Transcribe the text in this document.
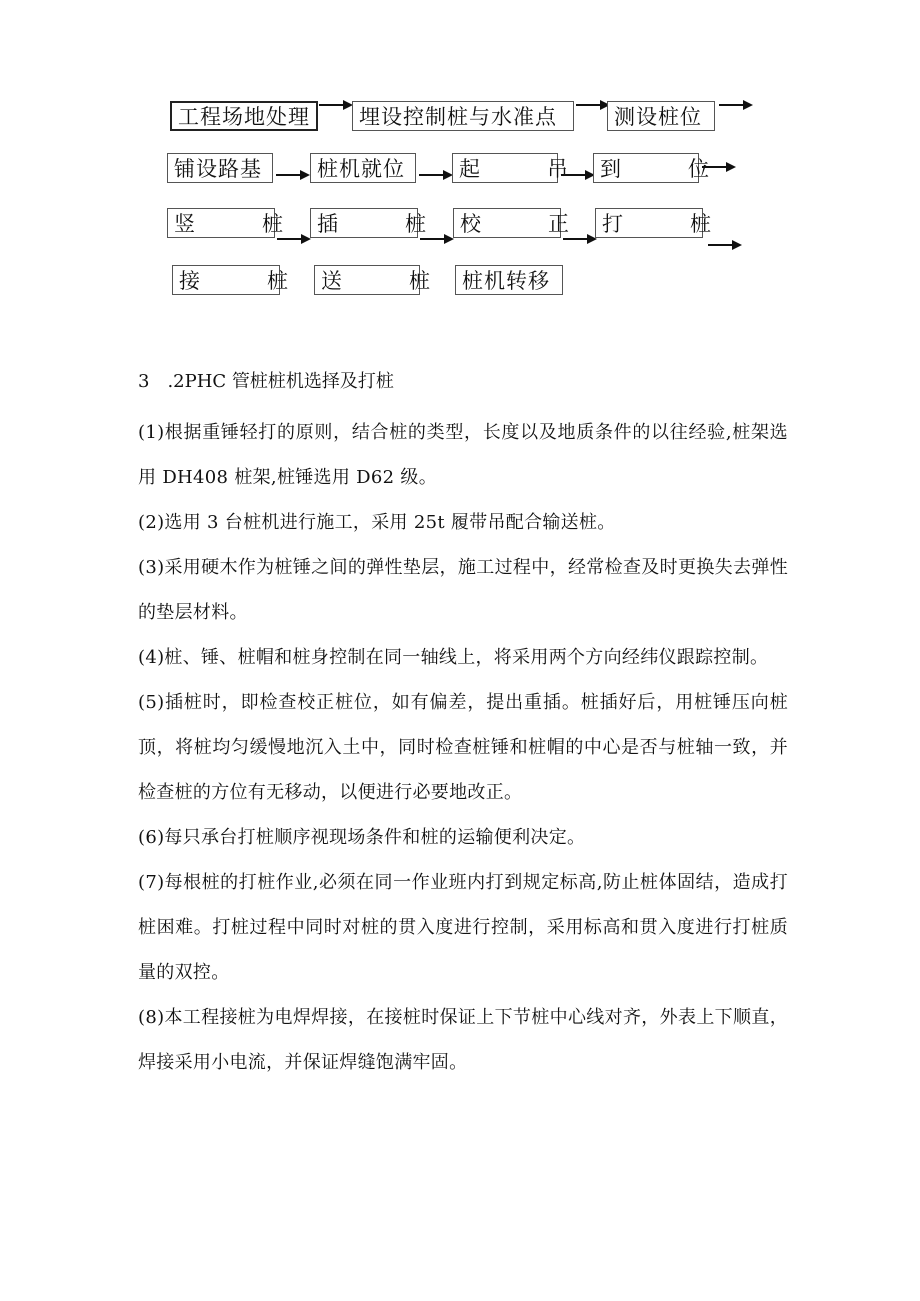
工程场地处理	埋设控制桩与水准点	测设桩位
铺设路基	桩机就位	起　　　吊	到　　　位
竖　　　桩	插　　　桩	校　　　正	打　　　桩
接　　　桩	送　　　桩	桩机转移

3　.2PHC 管桩桩机选择及打桩

(1)根据重锤轻打的原则，结合桩的类型，长度以及地质条件的以往经验,桩架选用 DH408 桩架,桩锤选用 D62 级。

(2)选用 3 台桩机进行施工，采用 25t 履带吊配合输送桩。

(3)采用硬木作为桩锤之间的弹性垫层，施工过程中，经常检查及时更换失去弹性的垫层材料。

(4)桩、锤、桩帽和桩身控制在同一轴线上，将采用两个方向经纬仪跟踪控制。

(5)插桩时，即检查校正桩位，如有偏差，提出重插。桩插好后，用桩锤压向桩顶，将桩均匀缓慢地沉入土中，同时检查桩锤和桩帽的中心是否与桩轴一致，并检查桩的方位有无移动，以便进行必要地改正。

(6)每只承台打桩顺序视现场条件和桩的运输便利决定。

(7)每根桩的打桩作业,必须在同一作业班内打到规定标高,防止桩体固结，造成打桩困难。打桩过程中同时对桩的贯入度进行控制，采用标高和贯入度进行打桩质量的双控。

(8)本工程接桩为电焊焊接，在接桩时保证上下节桩中心线对齐，外表上下顺直，焊接采用小电流，并保证焊缝饱满牢固。
